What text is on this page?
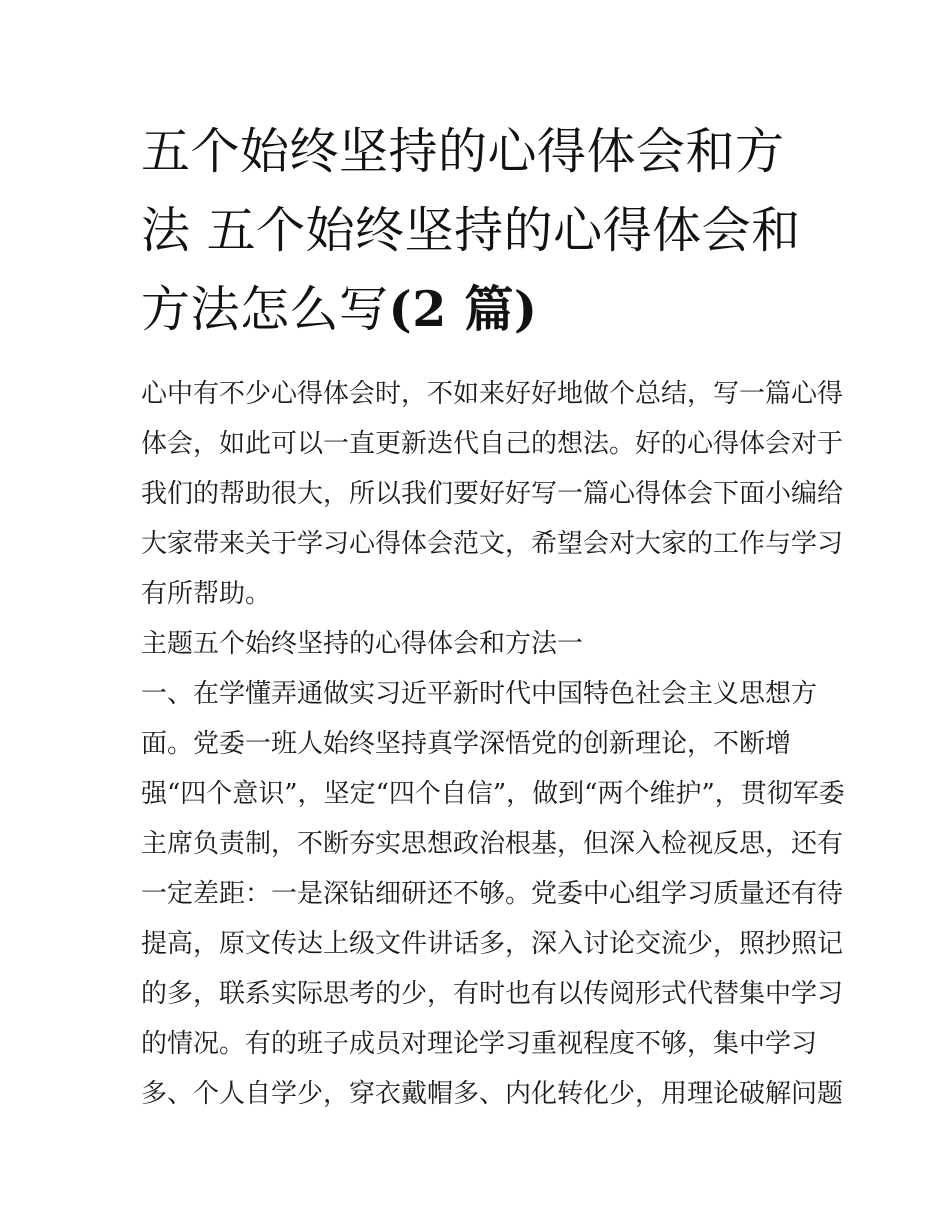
五个始终坚持的心得体会和方
法 五个始终坚持的心得体会和
方法怎么写(2 篇)
心中有不少心得体会时，不如来好好地做个总结，写一篇心得
体会，如此可以一直更新迭代自己的想法。好的心得体会对于
我们的帮助很大，所以我们要好好写一篇心得体会下面小编给
大家带来关于学习心得体会范文，希望会对大家的工作与学习
有所帮助。
主题五个始终坚持的心得体会和方法一
一、在学懂弄通做实习近平新时代中国特色社会主义思想方
面。党委一班人始终坚持真学深悟党的创新理论，不断增
强“四个意识”，坚定“四个自信”，做到“两个维护”，贯彻军委
主席负责制，不断夯实思想政治根基，但深入检视反思，还有
一定差距：一是深钻细研还不够。党委中心组学习质量还有待
提高，原文传达上级文件讲话多，深入讨论交流少，照抄照记
的多，联系实际思考的少，有时也有以传阅形式代替集中学习
的情况。有的班子成员对理论学习重视程度不够，集中学习
多、个人自学少，穿衣戴帽多、内化转化少，用理论破解问题
